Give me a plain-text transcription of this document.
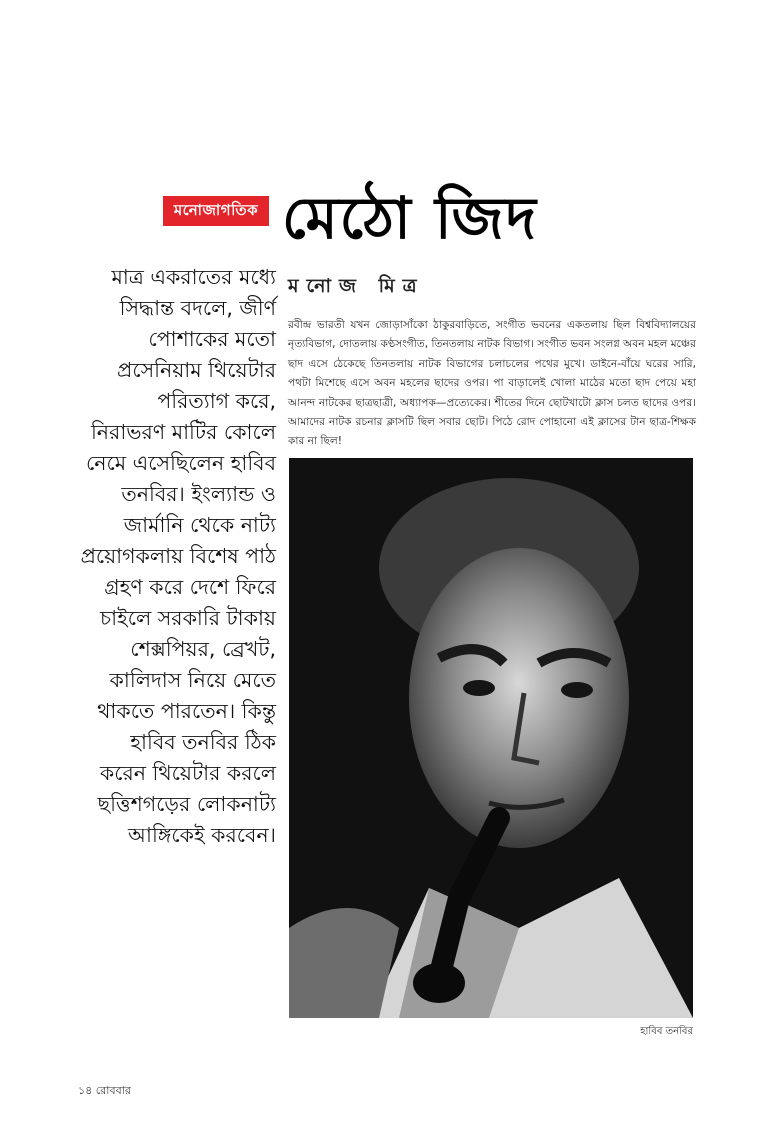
মনোজাগতিক মেঠো জিদ
মনোজ মিত্র
মাত্র একরাতের মধ্যে সিদ্ধান্ত বদলে, জীর্ণ পোশাকের মতো প্রসেনিয়াম থিয়েটার পরিত্যাগ করে, নিরাভরণ মাটির কোলে নেমে এসেছিলেন হাবিব তনবির। ইংল্যান্ড ও জার্মানি থেকে নাট্য প্রয়োগকলায় বিশেষ পাঠ গ্রহণ করে দেশে ফিরে চাইলে সরকারি টাকায় শেক্সপিয়র, ব্রেখট, কালিদাস নিয়ে মেতে থাকতে পারতেন। কিন্তু হাবিব তনবির ঠিক করেন থিয়েটার করলে ছত্তিশগড়ের লোকনাট্য আঙ্গিকেই করবেন।
রবীন্দ্র ভারতী যখন জোড়াসাঁকো ঠাকুরবাড়িতে, সংগীত ভবনের একতলায় ছিল বিশ্ববিদ্যালয়ের নৃত্যবিভাগ, দোতলায় কণ্ঠসংগীত, তিনতলায় নাটক বিভাগ। সংগীত ভবন সংলগ্ন অবন মহল মঞ্চের ছাদ এসে ঠেকেছে তিনতলায় নাটক বিভাগের চলাচলের পথের মুখে। ডাইনে-বাঁয়ে ঘরের সারি, পথটা মিশেছে এসে অবন মহলের ছাদের ওপর। পা বাড়ালেই খোলা মাঠের মতো ছাদ পেয়ে মহা আনন্দ নাটকের ছাত্রছাত্রী, অধ্যাপক—প্রত্যেকের। শীতের দিনে ছোটখাটো ক্লাস চলত ছাদের ওপর। আমাদের নাটক রচনার ক্লাসটি ছিল সবার ছোট। পিঠে রোদ পোহানো এই ক্লাসের টান ছাত্র-শিক্ষক কার না ছিল!
হাবিব তনবির
১৪ রোববার
